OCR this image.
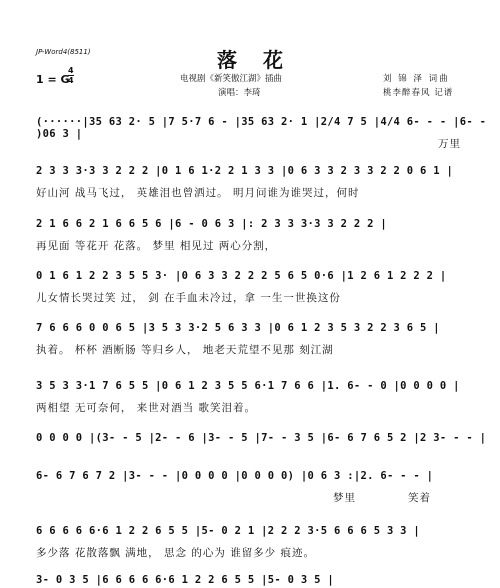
JP-Word4(8511)	落花
1 = G
4
4	电视剧《新笑傲江湖》插曲
演唱：李琦
刘 锦 泽 词曲
桃李醉春风 记谱
(······|35 63 2· 5 |7 5·7 6 - |35 63 2· 1 |2/4 7 5 |4/4 6- - - |6- - )06 3 |
万里
2 3 3 3·3 3 2 2 2 |0 1 6 1·2 2 1 3 3 |0 6 3 3 2 3 3 2 2 0 6 1 |
好山河 战马飞过， 英雄泪也曾洒过。 明月问谁为谁哭过，何时
2 1 6 6 2 1 6 6 5 6 |6 - 0 6 3 |: 2 3 3 3·3 3 2 2 2 |
再见面 等花开 花落。 梦里 相见过 两心分割，
0 1 6 1 2 2 3 5 5 3· |0 6 3 3 2 2 2 5 6 5 0·6 |1 2 6 1 2 2 2 |
儿女情长哭过笑 过， 剑 在手血未冷过，拿 一生一世换这份
7 6 6 6 0 0 6 5 |3 5 3 3·2 5 6 3 3 |0 6 1 2 3 5 3 2 2 3 6 5 |
执着。 杯杯 酒断肠 等归乡人， 地老天荒望不见那 刻江湖
3 5 3 3·1 7 6 5 5 |0 6 1 2 3 5 5 6·1 7 6 6 |1. 6- - 0 |0 0 0 0 |
两相望 无可奈何， 来世对酒当 歌笑泪着。
0 0 0 0 |(3- - 5 |2- - 6 |3- - 5 |7- - 3 5 |6- 6 7 6 5 2 |2 3- - - |
6- 6 7 6 7 2 |3- - - |0 0 0 0 |0 0 0 0) |0 6 3 :|2. 6- - - |
梦里            笑着
6 6 6 6 6·6 1 2 2 6 5 5 |5- 0 2 1 |2 2 2 3·5 6 6 6 5 3 3 |
多少落 花散落飘 满地， 思念 的心为 谁留多少 痕迹。
3- 0 3 5 |6 6 6 6 6·6 1 2 2 6 5 5 |5- 0 3 5 |
